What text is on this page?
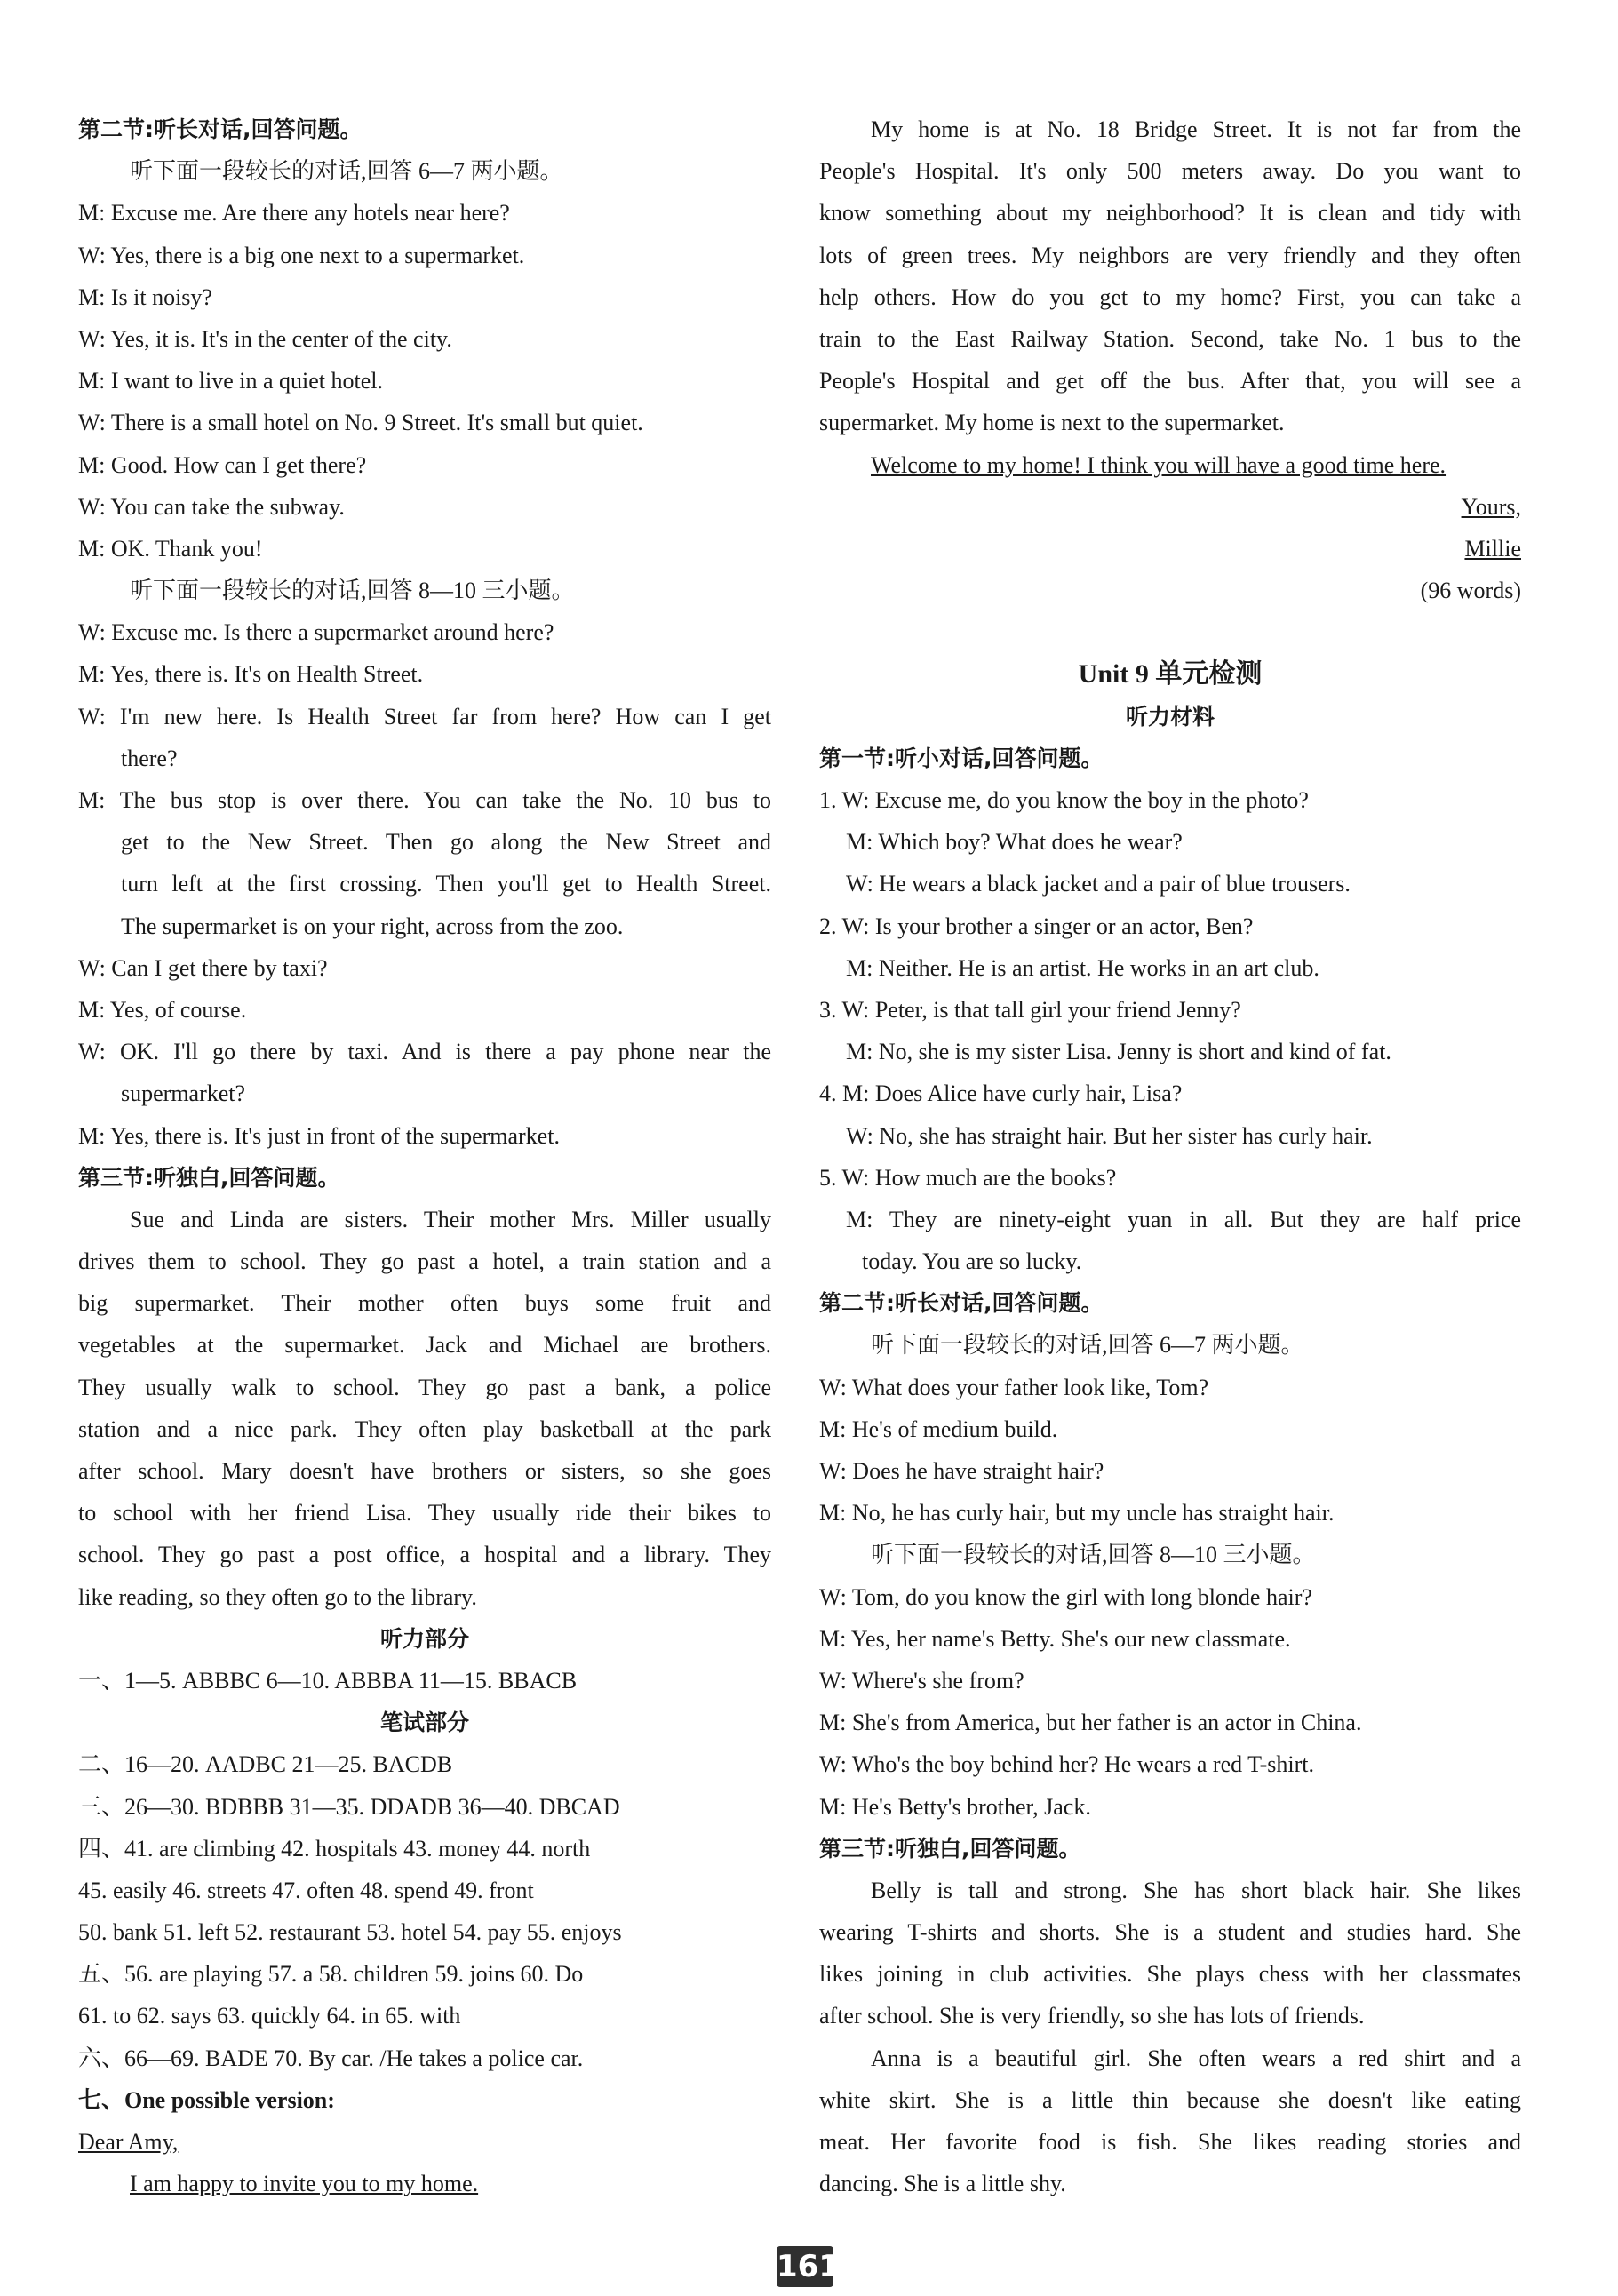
第二节:听长对话,回答问题。
听下面一段较长的对话,回答 6—7 两小题。
M: Excuse me. Are there any hotels near here?
W: Yes, there is a big one next to a supermarket.
M: Is it noisy?
W: Yes, it is. It's in the center of the city.
M: I want to live in a quiet hotel.
W: There is a small hotel on No. 9 Street. It's small but quiet.
M: Good. How can I get there?
W: You can take the subway.
M: OK. Thank you!
听下面一段较长的对话,回答 8—10 三小题。
W: Excuse me. Is there a supermarket around here?
M: Yes, there is. It's on Health Street.
W: I'm new here. Is Health Street far from here? How can I get
there?
M: The bus stop is over there. You can take the No. 10 bus to
get to the New Street. Then go along the New Street and
turn left at the first crossing. Then you'll get to Health Street.
The supermarket is on your right, across from the zoo.
W: Can I get there by taxi?
M: Yes, of course.
W: OK. I'll go there by taxi. And is there a pay phone near the
supermarket?
M: Yes, there is. It's just in front of the supermarket.
第三节:听独白,回答问题。
Sue and Linda are sisters. Their mother Mrs. Miller usually
drives them to school. They go past a hotel, a train station and a
big supermarket. Their mother often buys some fruit and
vegetables at the supermarket. Jack and Michael are brothers.
They usually walk to school. They go past a bank, a police
station and a nice park. They often play basketball at the park
after school. Mary doesn't have brothers or sisters, so she goes
to school with her friend Lisa. They usually ride their bikes to
school. They go past a post office, a hospital and a library. They
like reading, so they often go to the library.
听力部分
一、1—5. ABBBC 6—10. ABBBA 11—15. BBACB
笔试部分
二、16—20. AADBC 21—25. BACDB
三、26—30. BDBBB 31—35. DDADB 36—40. DBCAD
四、41. are climbing 42. hospitals 43. money 44. north
45. easily 46. streets 47. often 48. spend 49. front
50. bank 51. left 52. restaurant 53. hotel 54. pay 55. enjoys
五、56. are playing 57. a 58. children 59. joins 60. Do
61. to 62. says 63. quickly 64. in 65. with
六、66—69. BADE 70. By car. /He takes a police car.
七、One possible version:
Dear Amy,
I am happy to invite you to my home.
My home is at No. 18 Bridge Street. It is not far from the
People's Hospital. It's only 500 meters away. Do you want to
know something about my neighborhood? It is clean and tidy with
lots of green trees. My neighbors are very friendly and they often
help others. How do you get to my home? First, you can take a
train to the East Railway Station. Second, take No. 1 bus to the
People's Hospital and get off the bus. After that, you will see a
supermarket. My home is next to the supermarket.
Welcome to my home! I think you will have a good time here.
Yours,
Millie
(96 words)
Unit 9 单元检测
听力材料
第一节:听小对话,回答问题。
1. W: Excuse me, do you know the boy in the photo?
M: Which boy? What does he wear?
W: He wears a black jacket and a pair of blue trousers.
2. W: Is your brother a singer or an actor, Ben?
M: Neither. He is an artist. He works in an art club.
3. W: Peter, is that tall girl your friend Jenny?
M: No, she is my sister Lisa. Jenny is short and kind of fat.
4. M: Does Alice have curly hair, Lisa?
W: No, she has straight hair. But her sister has curly hair.
5. W: How much are the books?
M: They are ninety-eight yuan in all. But they are half price
today. You are so lucky.
第二节:听长对话,回答问题。
听下面一段较长的对话,回答 6—7 两小题。
W: What does your father look like, Tom?
M: He's of medium build.
W: Does he have straight hair?
M: No, he has curly hair, but my uncle has straight hair.
听下面一段较长的对话,回答 8—10 三小题。
W: Tom, do you know the girl with long blonde hair?
M: Yes, her name's Betty. She's our new classmate.
W: Where's she from?
M: She's from America, but her father is an actor in China.
W: Who's the boy behind her? He wears a red T-shirt.
M: He's Betty's brother, Jack.
第三节:听独白,回答问题。
Belly is tall and strong. She has short black hair. She likes
wearing T-shirts and shorts. She is a student and studies hard. She
likes joining in club activities. She plays chess with her classmates
after school. She is very friendly, so she has lots of friends.
Anna is a beautiful girl. She often wears a red shirt and a
white skirt. She is a little thin because she doesn't like eating
meat. Her favorite food is fish. She likes reading stories and
dancing. She is a little shy.
161
